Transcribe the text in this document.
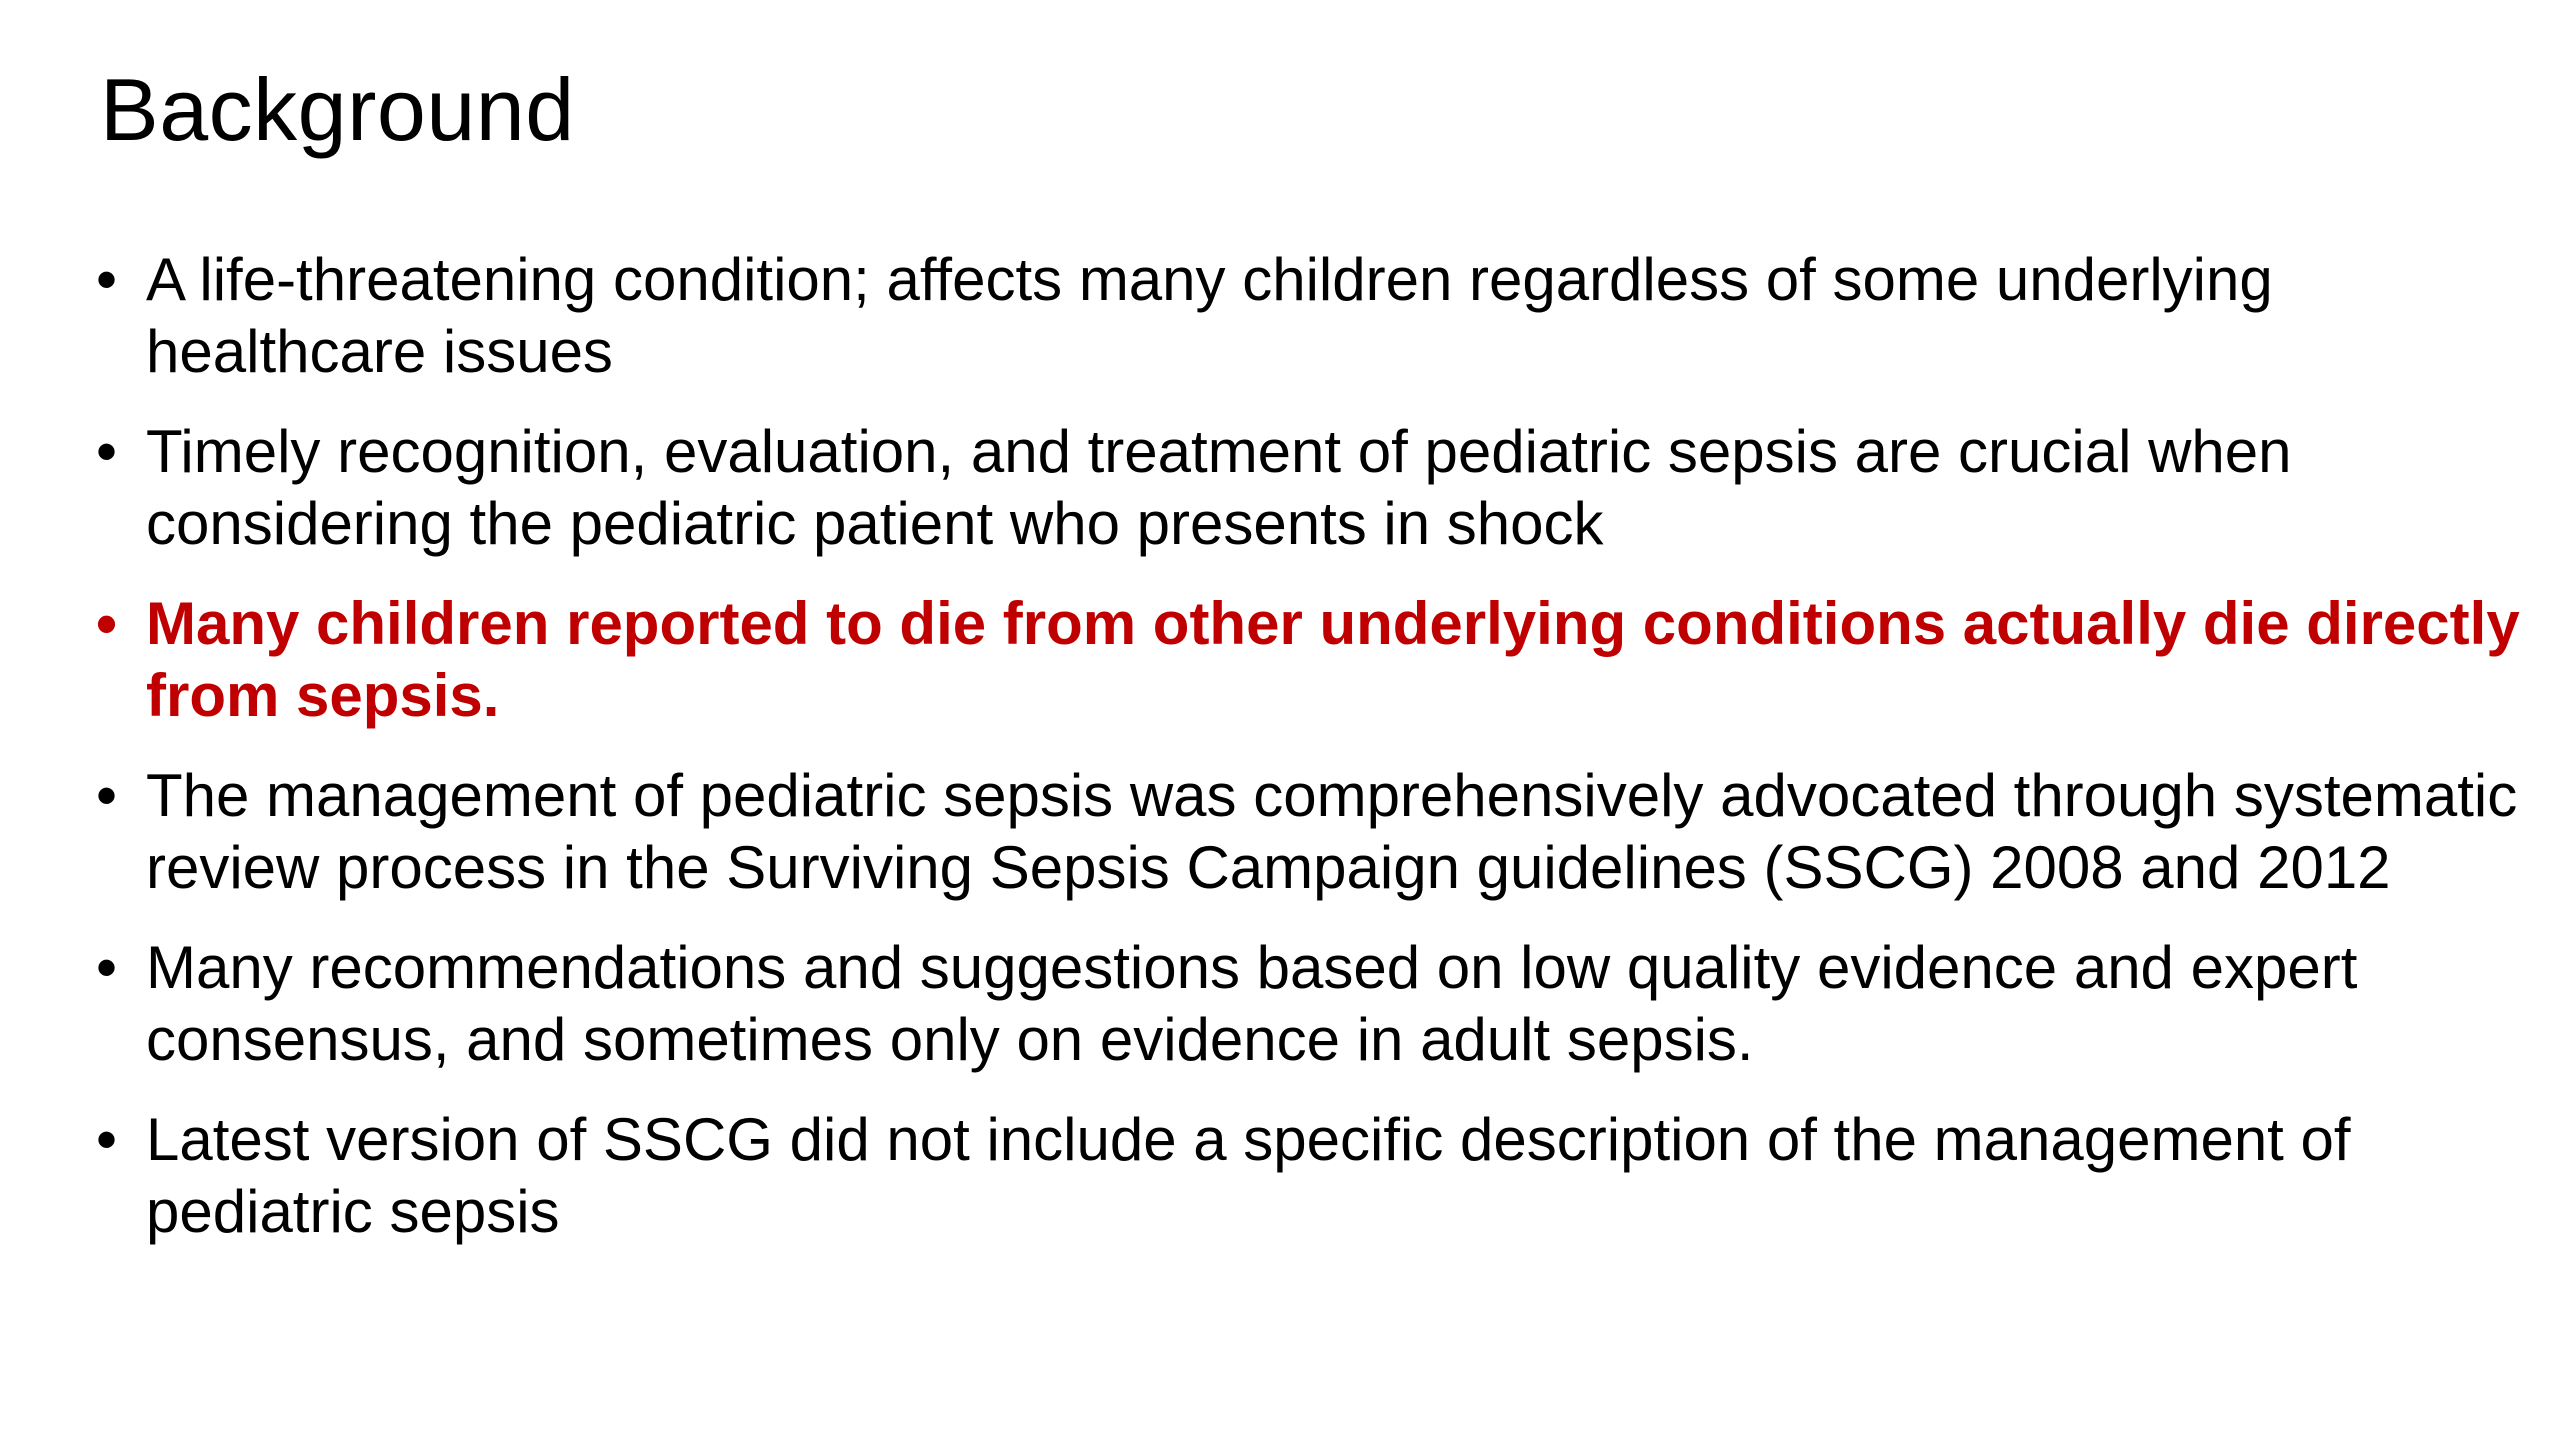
Background
• A life-threatening condition; affects many children regardless of some underlying healthcare issues
• Timely recognition, evaluation, and treatment of pediatric sepsis are crucial when considering the pediatric patient who presents in shock
• Many children reported to die from other underlying conditions actually die directly from sepsis.
• The management of pediatric sepsis was comprehensively advocated through systematic review process in the Surviving Sepsis Campaign guidelines (SSCG) 2008 and 2012
• Many recommendations and suggestions based on low quality evidence and expert consensus, and sometimes only on evidence in adult sepsis.
• Latest version of SSCG did not include a specific description of the management of pediatric sepsis
